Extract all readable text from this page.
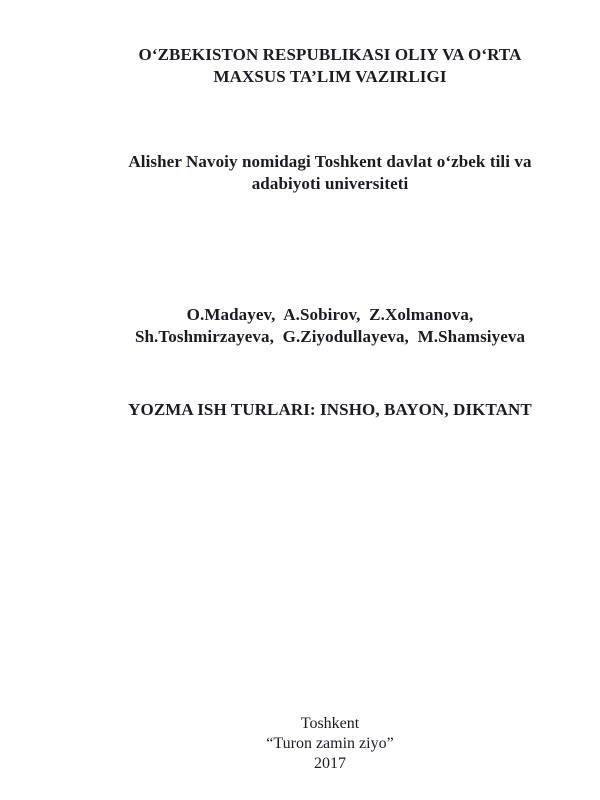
O‘ZBEKISTON RESPUBLIKASI OLIY VA O‘RTA
MAXSUS TA’LIM VAZIRLIGI
Alisher Navoiy nomidagi Toshkent davlat o‘zbek tili va
adabiyoti universiteti
O.Madayev,  A.Sobirov,  Z.Xolmanova,
Sh.Toshmirzayeva,  G.Ziyodullayeva,  M.Shamsiyeva
YOZMA ISH TURLARI: INSHO, BAYON, DIKTANT
Toshkent
“Turon zamin ziyo”
2017
